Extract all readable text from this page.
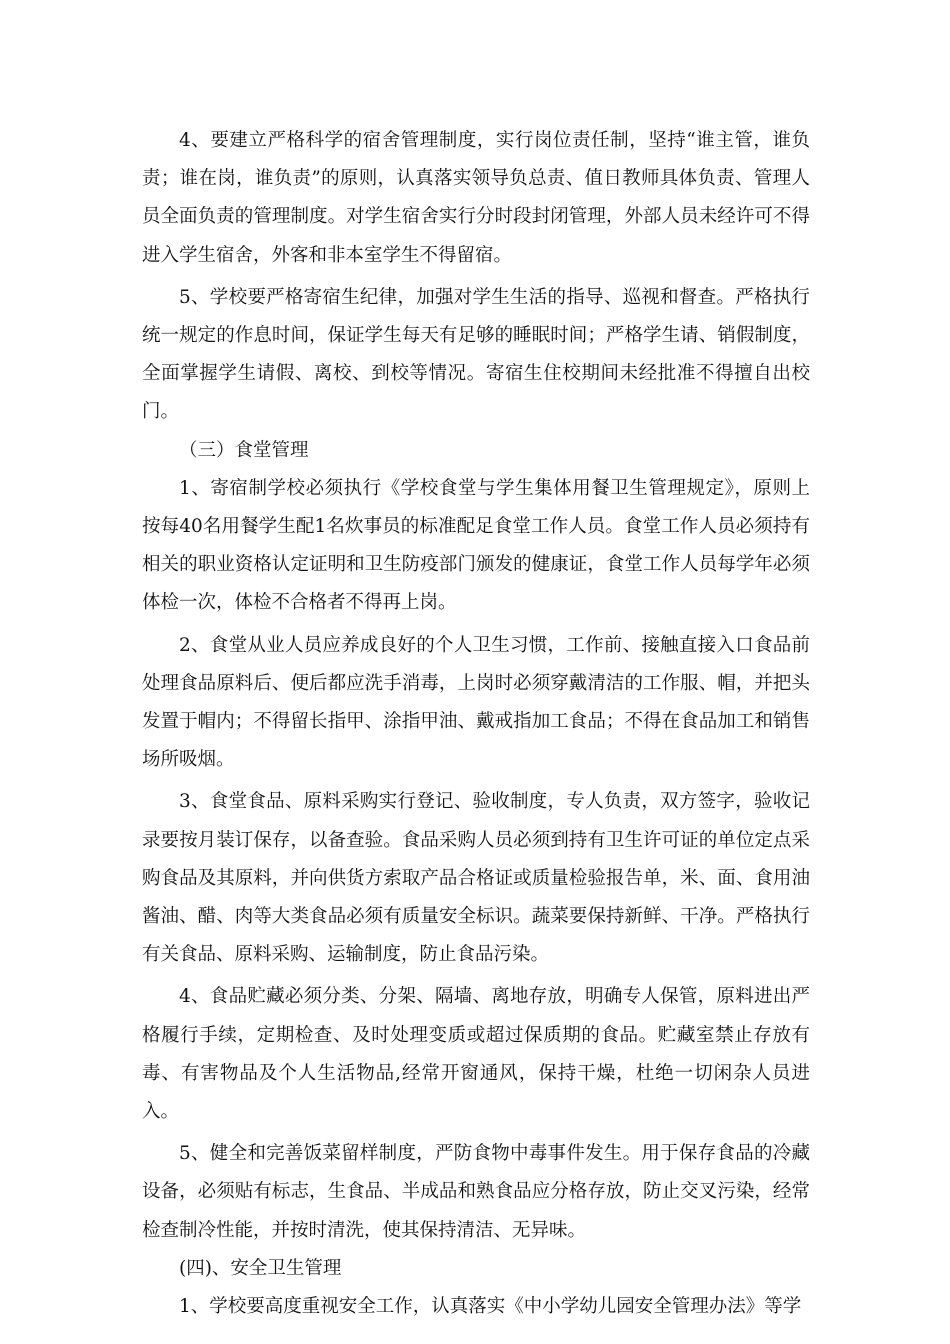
4、要建立严格科学的宿舍管理制度，实行岗位责任制，坚持“谁主管，谁负责；谁在岗，谁负责”的原则，认真落实领导负总责、值日教师具体负责、管理人员全面负责的管理制度。对学生宿舍实行分时段封闭管理，外部人员未经许可不得进入学生宿舍，外客和非本室学生不得留宿。

5、学校要严格寄宿生纪律，加强对学生生活的指导、巡视和督查。严格执行统一规定的作息时间，保证学生每天有足够的睡眠时间；严格学生请、销假制度，全面掌握学生请假、离校、到校等情况。寄宿生住校期间未经批准不得擅自出校门。

（三）食堂管理

1、寄宿制学校必须执行《学校食堂与学生集体用餐卫生管理规定》，原则上按每40名用餐学生配1名炊事员的标准配足食堂工作人员。食堂工作人员必须持有相关的职业资格认定证明和卫生防疫部门颁发的健康证，食堂工作人员每学年必须体检一次，体检不合格者不得再上岗。

2、食堂从业人员应养成良好的个人卫生习惯，工作前、接触直接入口食品前处理食品原料后、便后都应洗手消毒，上岗时必须穿戴清洁的工作服、帽，并把头发置于帽内；不得留长指甲、涂指甲油、戴戒指加工食品；不得在食品加工和销售场所吸烟。

3、食堂食品、原料采购实行登记、验收制度，专人负责，双方签字，验收记录要按月装订保存，以备查验。食品采购人员必须到持有卫生许可证的单位定点采购食品及其原料，并向供货方索取产品合格证或质量检验报告单，米、面、食用油酱油、醋、肉等大类食品必须有质量安全标识。蔬菜要保持新鲜、干净。严格执行有关食品、原料采购、运输制度，防止食品污染。

4、食品贮藏必须分类、分架、隔墙、离地存放，明确专人保管，原料进出严格履行手续，定期检查、及时处理变质或超过保质期的食品。贮藏室禁止存放有毒、有害物品及个人生活物品,经常开窗通风，保持干燥，杜绝一切闲杂人员进入。

5、健全和完善饭菜留样制度，严防食物中毒事件发生。用于保存食品的冷藏设备，必须贴有标志，生食品、半成品和熟食品应分格存放，防止交叉污染，经常检查制冷性能，并按时清洗，使其保持清洁、无异味。

(四)、安全卫生管理

1、学校要高度重视安全工作，认真落实《中小学幼儿园安全管理办法》等学
